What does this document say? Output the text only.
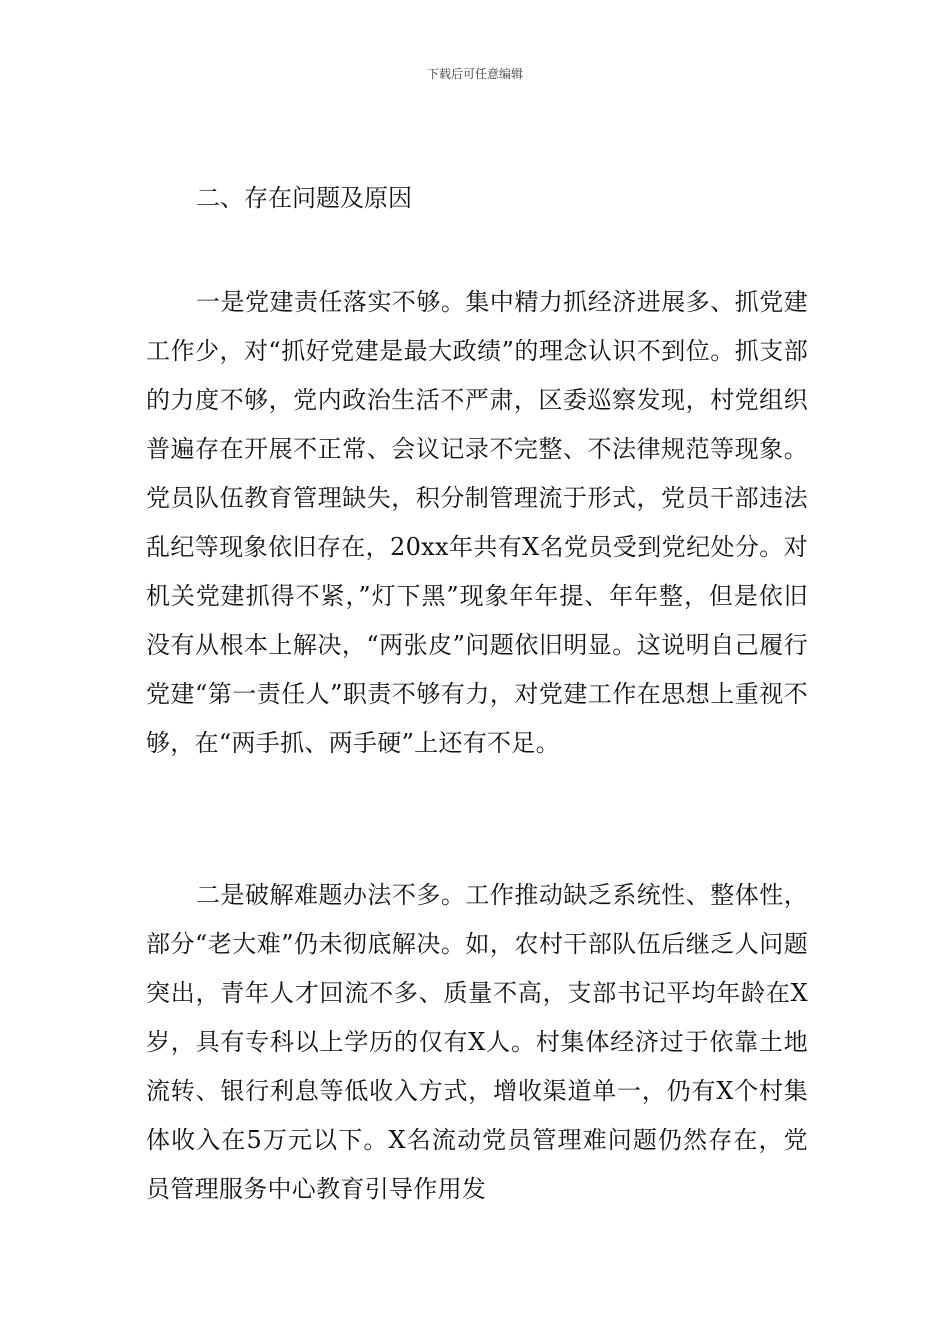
下载后可任意编辑
二、存在问题及原因

一是党建责任落实不够。集中精力抓经济进展多、抓党建工作少，对“抓好党建是最大政绩”的理念认识不到位。抓支部的力度不够，党内政治生活不严肃，区委巡察发现，村党组织普遍存在开展不正常、会议记录不完整、不法律规范等现象。党员队伍教育管理缺失，积分制管理流于形式，党员干部违法乱纪等现象依旧存在，20xx年共有X名党员受到党纪处分。对机关党建抓得不紧，”灯下黑”现象年年提、年年整，但是依旧没有从根本上解决，“两张皮”问题依旧明显。这说明自己履行党建“第一责任人”职责不够有力，对党建工作在思想上重视不够，在“两手抓、两手硬”上还有不足。

二是破解难题办法不多。工作推动缺乏系统性、整体性，部分“老大难”仍未彻底解决。如，农村干部队伍后继乏人问题突出，青年人才回流不多、质量不高，支部书记平均年龄在X岁，具有专科以上学历的仅有X人。村集体经济过于依靠土地流转、银行利息等低收入方式，增收渠道单一，仍有X个村集体收入在5万元以下。X名流动党员管理难问题仍然存在，党员管理服务中心教育引导作用发
